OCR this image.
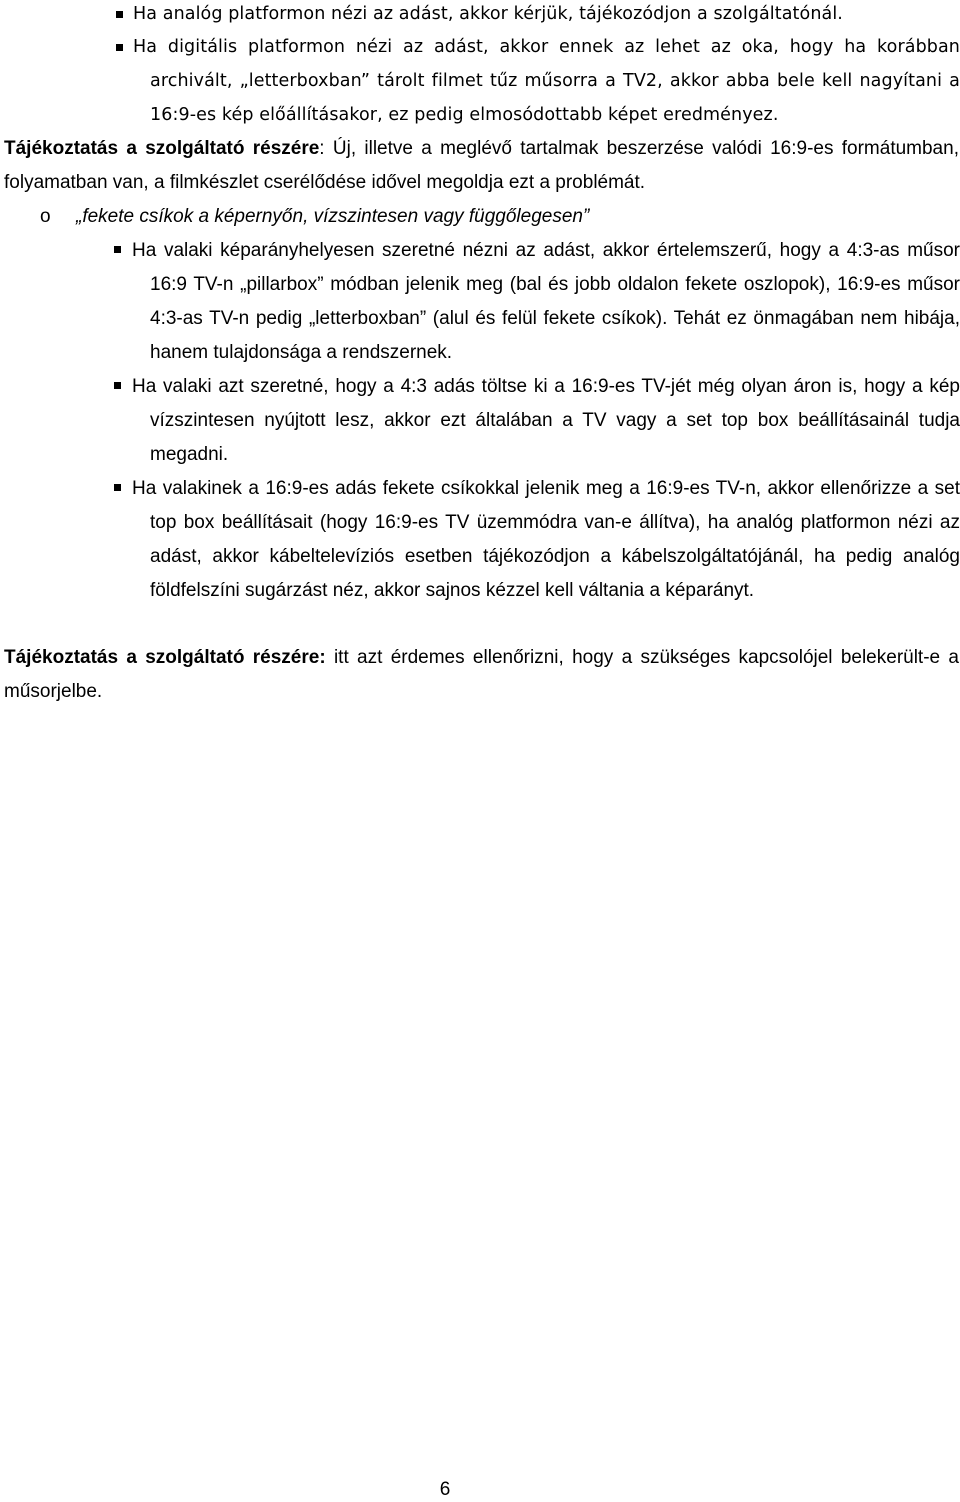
Ha analóg platformon nézi az adást, akkor kérjük, tájékozódjon a szolgáltatónál.

Ha digitális platformon nézi az adást, akkor ennek az lehet az oka, hogy ha korábban archivált, „letterboxban” tárolt filmet tűz műsorra a TV2, akkor abba bele kell nagyítani a 16:9-es kép előállításakor, ez pedig elmosódottabb képet eredményez.

Tájékoztatás a szolgáltató részére: Új, illetve a meglévő tartalmak beszerzése valódi 16:9-es formátumban, folyamatban van, a filmkészlet cserélődése idővel megoldja ezt a problémát.

o „fekete csíkok a képernyőn, vízszintesen vagy függőlegesen”

Ha valaki képarányhelyesen szeretné nézni az adást, akkor értelemszerű, hogy a 4:3-as műsor 16:9 TV-n „pillarbox” módban jelenik meg (bal és jobb oldalon fekete oszlopok), 16:9-es műsor 4:3-as TV-n pedig „letterboxban” (alul és felül fekete csíkok). Tehát ez önmagában nem hibája, hanem tulajdonsága a rendszernek.

Ha valaki azt szeretné, hogy a 4:3 adás töltse ki a 16:9-es TV-jét még olyan áron is, hogy a kép vízszintesen nyújtott lesz, akkor ezt általában a TV vagy a set top box beállításainál tudja megadni.

Ha valakinek a 16:9-es adás fekete csíkokkal jelenik meg a 16:9-es TV-n, akkor ellenőrizze a set top box beállításait (hogy 16:9-es TV üzemmódra van-e állítva), ha analóg platformon nézi az adást, akkor kábeltelevíziós esetben tájékozódjon a kábelszolgáltatójánál, ha pedig analóg földfelszíni sugárzást néz, akkor sajnos kézzel kell váltania a képarányt.

Tájékoztatás a szolgáltató részére: itt azt érdemes ellenőrizni, hogy a szükséges kapcsolójel belekerült-e a műsorjelbe.

6
